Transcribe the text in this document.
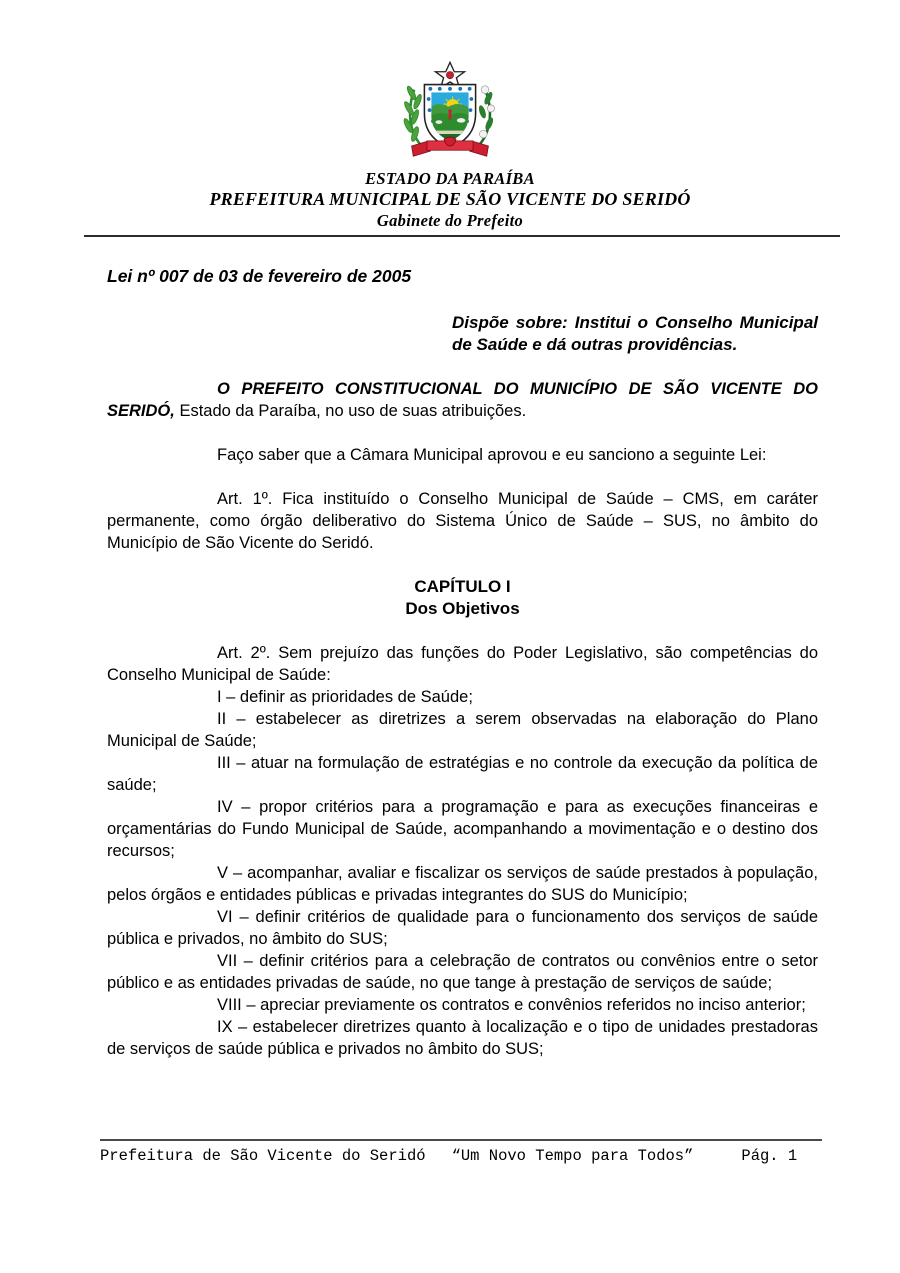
ESTADO DA PARAÍBA
PREFEITURA MUNICIPAL DE SÃO VICENTE DO SERIDÓ
Gabinete do Prefeito

Lei nº 007 de 03 de fevereiro de 2005

Dispõe sobre: Institui o Conselho Municipal de Saúde e dá outras providências.

O PREFEITO CONSTITUCIONAL DO MUNICÍPIO DE SÃO VICENTE DO SERIDÓ, Estado da Paraíba, no uso de suas atribuições.

Faço saber que a Câmara Municipal aprovou e eu sanciono a seguinte Lei:

Art. 1º. Fica instituído o Conselho Municipal de Saúde – CMS, em caráter permanente, como órgão deliberativo do Sistema Único de Saúde – SUS, no âmbito do Município de São Vicente do Seridó.

CAPÍTULO I
Dos Objetivos

Art. 2º. Sem prejuízo das funções do Poder Legislativo, são competências do Conselho Municipal de Saúde:

I – definir as prioridades de Saúde;

II – estabelecer as diretrizes a serem observadas na elaboração do Plano Municipal de Saúde;

III – atuar na formulação de estratégias e no controle da execução da política de saúde;

IV – propor critérios para a programação e para as execuções financeiras e orçamentárias do Fundo Municipal de Saúde, acompanhando a movimentação e o destino dos recursos;

V – acompanhar, avaliar e fiscalizar os serviços de saúde prestados à população, pelos órgãos e entidades públicas e privadas integrantes do SUS do Município;

VI – definir critérios de qualidade para o funcionamento dos serviços de saúde pública e privados, no âmbito do SUS;

VII – definir critérios para a celebração de contratos ou convênios entre o setor público e as entidades privadas de saúde, no que tange à prestação de serviços de saúde;

VIII – apreciar previamente os contratos e convênios referidos no inciso anterior;

IX – estabelecer diretrizes quanto à localização e o tipo de unidades prestadoras de serviços de saúde pública e privados no âmbito do SUS;

Prefeitura de São Vicente do Seridó “Um Novo Tempo para Todos”	Pág. 1
